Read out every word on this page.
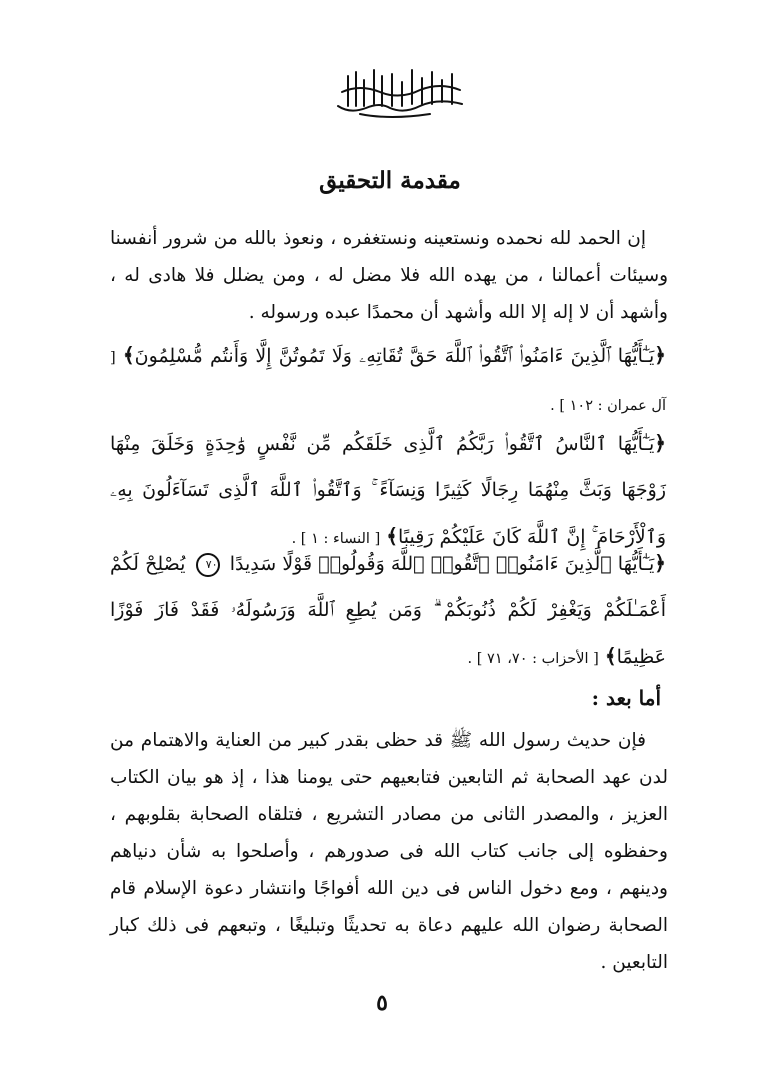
مقدمة التحقيق

إن الحمد لله نحمده ونستعينه ونستغفره ، ونعوذ بالله من شرور أنفسنا وسيئات أعمالنا ، من يهده الله فلا مضل له ، ومن يضلل فلا هادى له ، وأشهد أن لا إله إلا الله وأشهد أن محمدًا عبده ورسوله .

﴿يَـٰٓأَيُّهَا ٱلَّذِينَ ءَامَنُوا۟ ٱتَّقُوا۟ ٱللَّهَ حَقَّ تُقَاتِهِۦ وَلَا تَمُوتُنَّ إِلَّا وَأَنتُم مُّسْلِمُونَ﴾ [ آل عمران : ١٠٢ ] .

﴿يَـٰٓأَيُّهَا ٱلنَّاسُ ٱتَّقُوا۟ رَبَّكُمُ ٱلَّذِى خَلَقَكُم مِّن نَّفْسٍ وَٰحِدَةٍ وَخَلَقَ مِنْهَا زَوْجَهَا وَبَثَّ مِنْهُمَا رِجَالًا كَثِيرًا وَنِسَآءً ۚ وَٱتَّقُوا۟ ٱللَّهَ ٱلَّذِى تَسَآءَلُونَ بِهِۦ وَٱلْأَرْحَامَ ۚ إِنَّ ٱللَّهَ كَانَ عَلَيْكُمْ رَقِيبًا﴾ [ النساء : ١ ] .

﴿يَـٰٓأَيُّهَا ٱلَّذِينَ ءَامَنُوا۟ ٱتَّقُوا۟ ٱللَّهَ وَقُولُوا۟ قَوْلًا سَدِيدًا ٧٠ يُصْلِحْ لَكُمْ أَعْمَـٰلَكُمْ وَيَغْفِرْ لَكُمْ ذُنُوبَكُمْ ۗ وَمَن يُطِعِ ٱللَّهَ وَرَسُولَهُۥ فَقَدْ فَازَ فَوْزًا عَظِيمًا﴾ [ الأحزاب : ٧٠، ٧١ ] .

أما بعد :

فإن حديث رسول الله ﷺ قد حظى بقدر كبير من العناية والاهتمام من لدن عهد الصحابة ثم التابعين فتابعيهم حتى يومنا هذا ، إذ هو بيان الكتاب العزيز ، والمصدر الثانى من مصادر التشريع ، فتلقاه الصحابة بقلوبهم ، وحفظوه إلى جانب كتاب الله فى صدورهم ، وأصلحوا به شأن دنياهم ودينهم ، ومع دخول الناس فى دين الله أفواجًا وانتشار دعوة الإسلام قام الصحابة رضوان الله عليهم دعاة به تحديثًا وتبليغًا ، وتبعهم فى ذلك كبار التابعين .

٥
